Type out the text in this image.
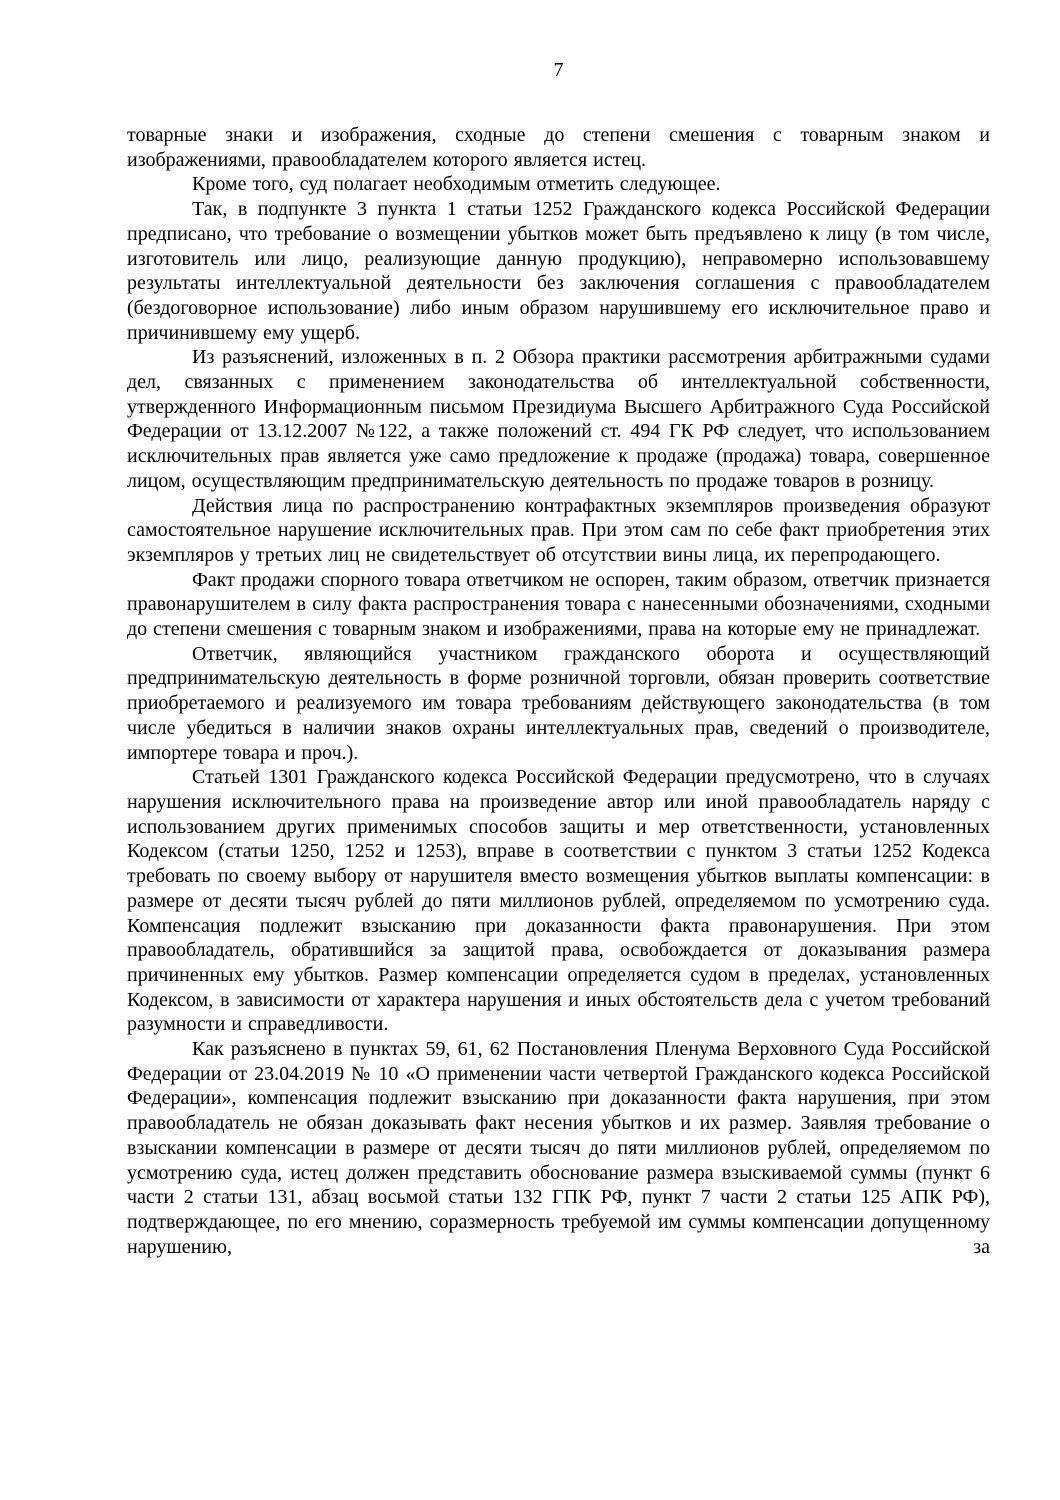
7

товарные знаки и изображения, сходные до степени смешения с товарным знаком и изображениями, правообладателем которого является истец.

Кроме того, суд полагает необходимым отметить следующее.

Так, в подпункте 3 пункта 1 статьи 1252 Гражданского кодекса Российской Федерации предписано, что требование о возмещении убытков может быть предъявлено к лицу (в том числе, изготовитель или лицо, реализующие данную продукцию), неправомерно использовавшему результаты интеллектуальной деятельности без заключения соглашения с правообладателем (бездоговорное использование) либо иным образом нарушившему его исключительное право и причинившему ему ущерб.

Из разъяснений, изложенных в п. 2 Обзора практики рассмотрения арбитражными судами дел, связанных с применением законодательства об интеллектуальной собственности, утвержденного Информационным письмом Президиума Высшего Арбитражного Суда Российской Федерации от 13.12.2007 №122, а также положений ст. 494 ГК РФ следует, что использованием исключительных прав является уже само предложение к продаже (продажа) товара, совершенное лицом, осуществляющим предпринимательскую деятельность по продаже товаров в розницу.

Действия лица по распространению контрафактных экземпляров произведения образуют самостоятельное нарушение исключительных прав. При этом сам по себе факт приобретения этих экземпляров у третьих лиц не свидетельствует об отсутствии вины лица, их перепродающего.

Факт продажи спорного товара ответчиком не оспорен, таким образом, ответчик признается правонарушителем в силу факта распространения товара с нанесенными обозначениями, сходными до степени смешения с товарным знаком и изображениями, права на которые ему не принадлежат.

Ответчик, являющийся участником гражданского оборота и осуществляющий предпринимательскую деятельность в форме розничной торговли, обязан проверить соответствие приобретаемого и реализуемого им товара требованиям действующего законодательства (в том числе убедиться в наличии знаков охраны интеллектуальных прав, сведений о производителе, импортере товара и проч.).

Статьей 1301 Гражданского кодекса Российской Федерации предусмотрено, что в случаях нарушения исключительного права на произведение автор или иной правообладатель наряду с использованием других применимых способов защиты и мер ответственности, установленных Кодексом (статьи 1250, 1252 и 1253), вправе в соответствии с пунктом 3 статьи 1252 Кодекса требовать по своему выбору от нарушителя вместо возмещения убытков выплаты компенсации: в размере от десяти тысяч рублей до пяти миллионов рублей, определяемом по усмотрению суда. Компенсация подлежит взысканию при доказанности факта правонарушения. При этом правообладатель, обратившийся за защитой права, освобождается от доказывания размера причиненных ему убытков. Размер компенсации определяется судом в пределах, установленных Кодексом, в зависимости от характера нарушения и иных обстоятельств дела с учетом требований разумности и справедливости.

Как разъяснено в пунктах 59, 61, 62 Постановления Пленума Верховного Суда Российской Федерации от 23.04.2019 № 10 «О применении части четвертой Гражданского кодекса Российской Федерации», компенсация подлежит взысканию при доказанности факта нарушения, при этом правообладатель не обязан доказывать факт несения убытков и их размер. Заявляя требование о взыскании компенсации в размере от десяти тысяч до пяти миллионов рублей, определяемом по усмотрению суда, истец должен представить обоснование размера взыскиваемой суммы (пункт 6 части 2 статьи 131, абзац восьмой статьи 132 ГПК РФ, пункт 7 части 2 статьи 125 АПК РФ), подтверждающее, по его мнению, соразмерность требуемой им суммы компенсации допущенному нарушению, за
